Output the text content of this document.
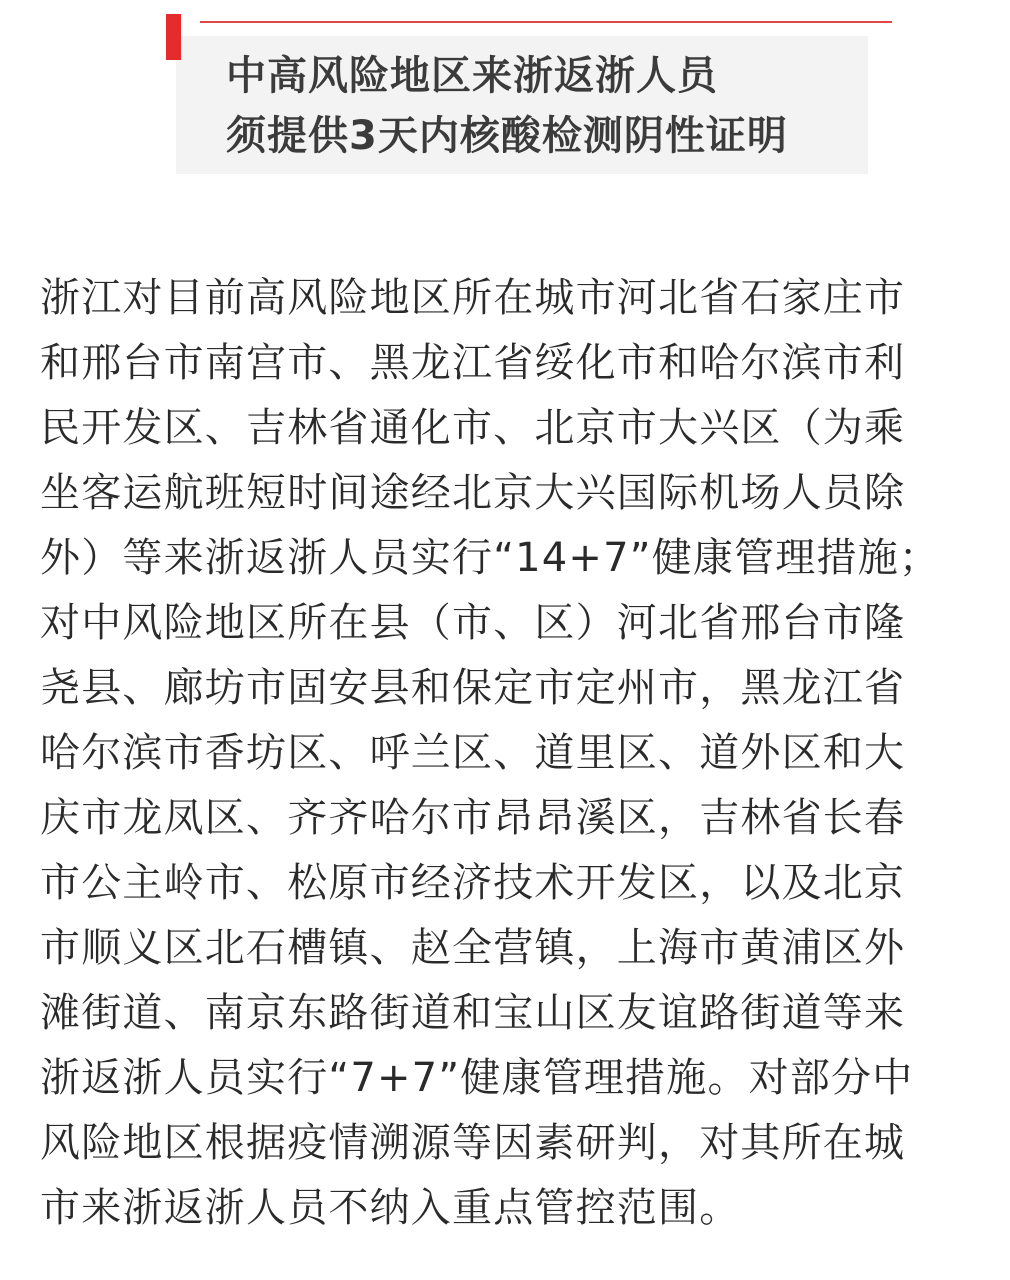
中高风险地区来浙返浙人员
须提供3天内核酸检测阴性证明
浙江对目前高风险地区所在城市河北省石家庄市
和邢台市南宫市、黑龙江省绥化市和哈尔滨市利
民开发区、吉林省通化市、北京市大兴区（为乘
坐客运航班短时间途经北京大兴国际机场人员除
外）等来浙返浙人员实行“14+7”健康管理措施；
对中风险地区所在县（市、区）河北省邢台市隆
尧县、廊坊市固安县和保定市定州市，黑龙江省
哈尔滨市香坊区、呼兰区、道里区、道外区和大
庆市龙凤区、齐齐哈尔市昂昂溪区，吉林省长春
市公主岭市、松原市经济技术开发区，以及北京
市顺义区北石槽镇、赵全营镇，上海市黄浦区外
滩街道、南京东路街道和宝山区友谊路街道等来
浙返浙人员实行“7+7”健康管理措施。对部分中
风险地区根据疫情溯源等因素研判，对其所在城
市来浙返浙人员不纳入重点管控范围。
